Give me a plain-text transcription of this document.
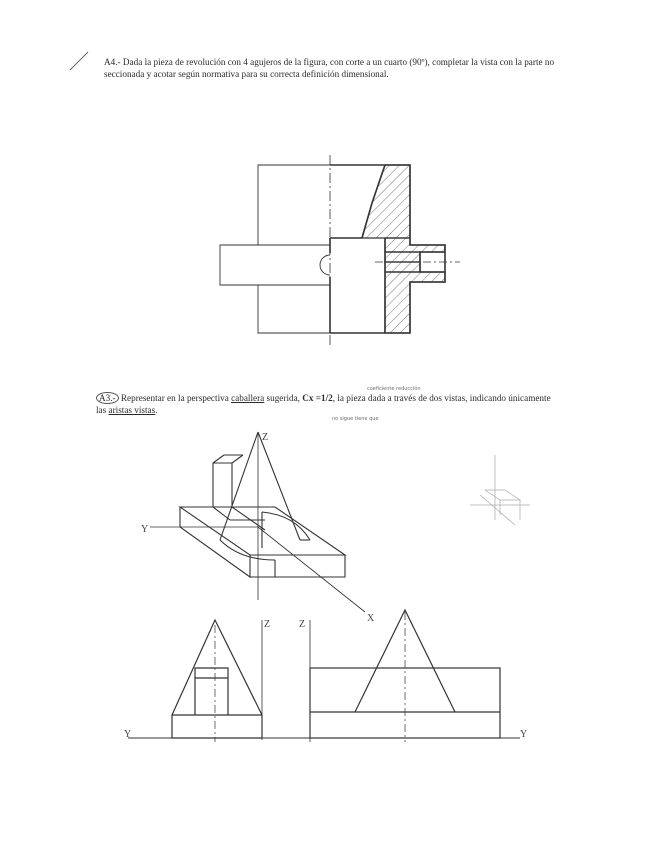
A4.- Dada la pieza de revolución con 4 agujeros de la figura, con corte a un cuarto (90º), completar la vista con la parte no seccionada y acotar según normativa para su correcta definición dimensional.

A3.- Representar en la perspectiva caballera sugerida, Cx =1/2, la pieza dada a través de dos vistas, indicando únicamente las aristas vistas.

coeficiente reducción
no sigue tiene que
Z
Y
X
Z	Z
Y	Y
